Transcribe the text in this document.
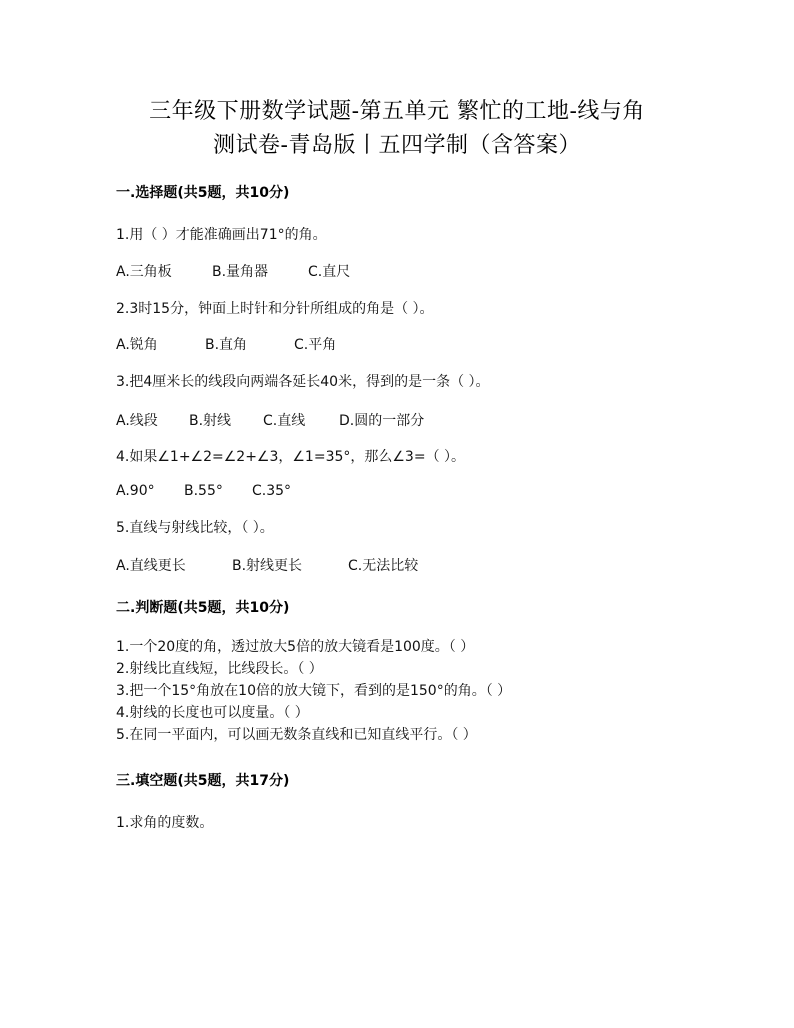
三年级下册数学试题-第五单元 繁忙的工地-线与角
测试卷-青岛版丨五四学制（含答案）
一.选择题(共5题，共10分)
1.用（ ）才能准确画出71°的角。
A.三角板	B.量角器	C.直尺
2.3时15分，钟面上时针和分针所组成的角是（ ）。
A.锐角	B.直角	C.平角
3.把4厘米长的线段向两端各延长40米，得到的是一条（ ）。
A.线段 B.射线 C.直线 D.圆的一部分
4.如果∠1+∠2=∠2+∠3，∠1=35°，那么∠3=（ ）。
A.90° B.55° C.35°
5.直线与射线比较，（ ）。
A.直线更长	B.射线更长	C.无法比较
二.判断题(共5题，共10分)
1.一个20度的角，透过放大5倍的放大镜看是100度。（ ）
2.射线比直线短，比线段长。（ ）
3.把一个15°角放在10倍的放大镜下，看到的是150°的角。（ ）
4.射线的长度也可以度量。（ ）
5.在同一平面内，可以画无数条直线和已知直线平行。（ ）
三.填空题(共5题，共17分)
1.求角的度数。
